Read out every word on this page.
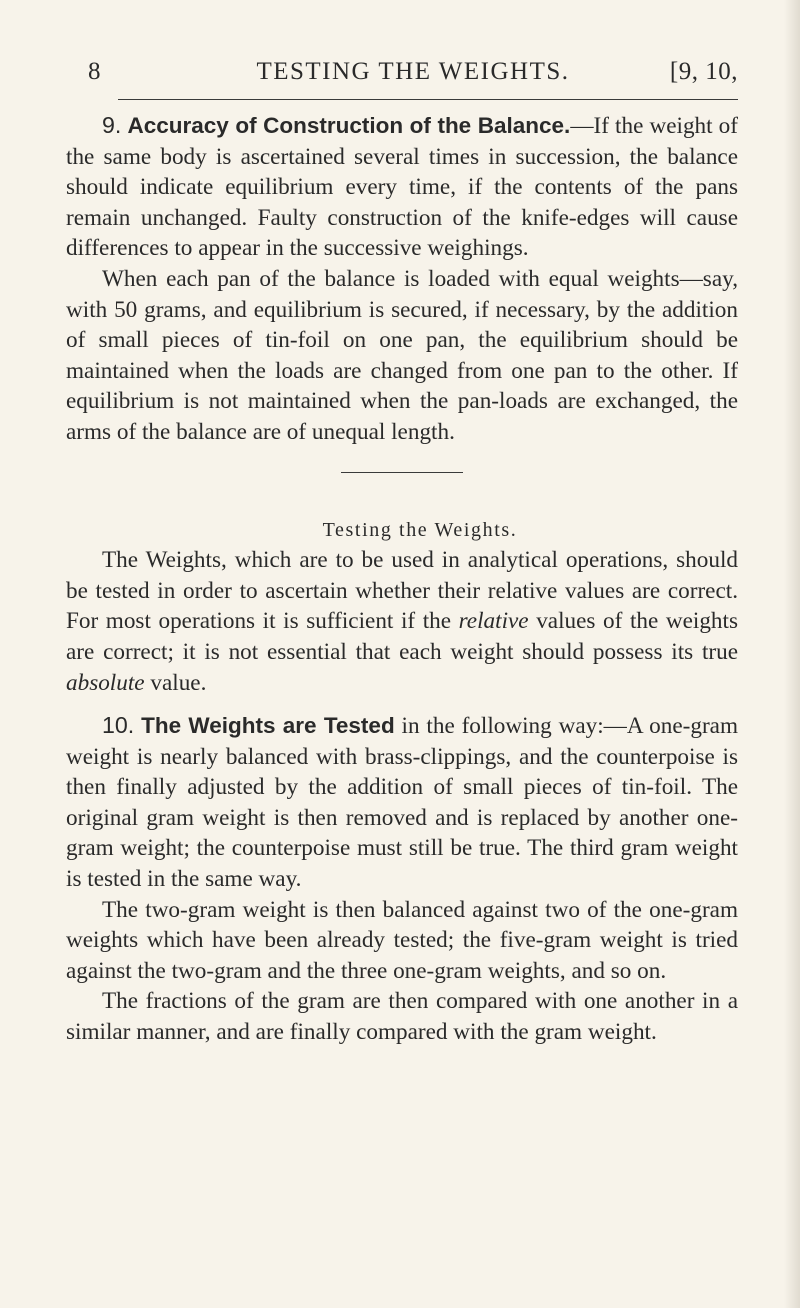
8	TESTING THE WEIGHTS.	[9, 10,

9. Accuracy of Construction of the Balance.—If the weight of the same body is ascertained several times in succession, the balance should indicate equilibrium every time, if the contents of the pans remain unchanged. Faulty construction of the knife-edges will cause differences to appear in the successive weighings.

When each pan of the balance is loaded with equal weights—say, with 50 grams, and equilibrium is secured, if necessary, by the addition of small pieces of tin-foil on one pan, the equilibrium should be maintained when the loads are changed from one pan to the other. If equilibrium is not maintained when the pan-loads are exchanged, the arms of the balance are of unequal length.

Testing the Weights.

The Weights, which are to be used in analytical operations, should be tested in order to ascertain whether their relative values are correct. For most operations it is sufficient if the relative values of the weights are correct; it is not essential that each weight should possess its true absolute value.

10. The Weights are Tested in the following way:—A one-gram weight is nearly balanced with brass-clippings, and the counterpoise is then finally adjusted by the addition of small pieces of tin-foil. The original gram weight is then removed and is replaced by another one-gram weight; the counterpoise must still be true. The third gram weight is tested in the same way.

The two-gram weight is then balanced against two of the one-gram weights which have been already tested; the five-gram weight is tried against the two-gram and the three one-gram weights, and so on.

The fractions of the gram are then compared with one another in a similar manner, and are finally compared with the gram weight.
